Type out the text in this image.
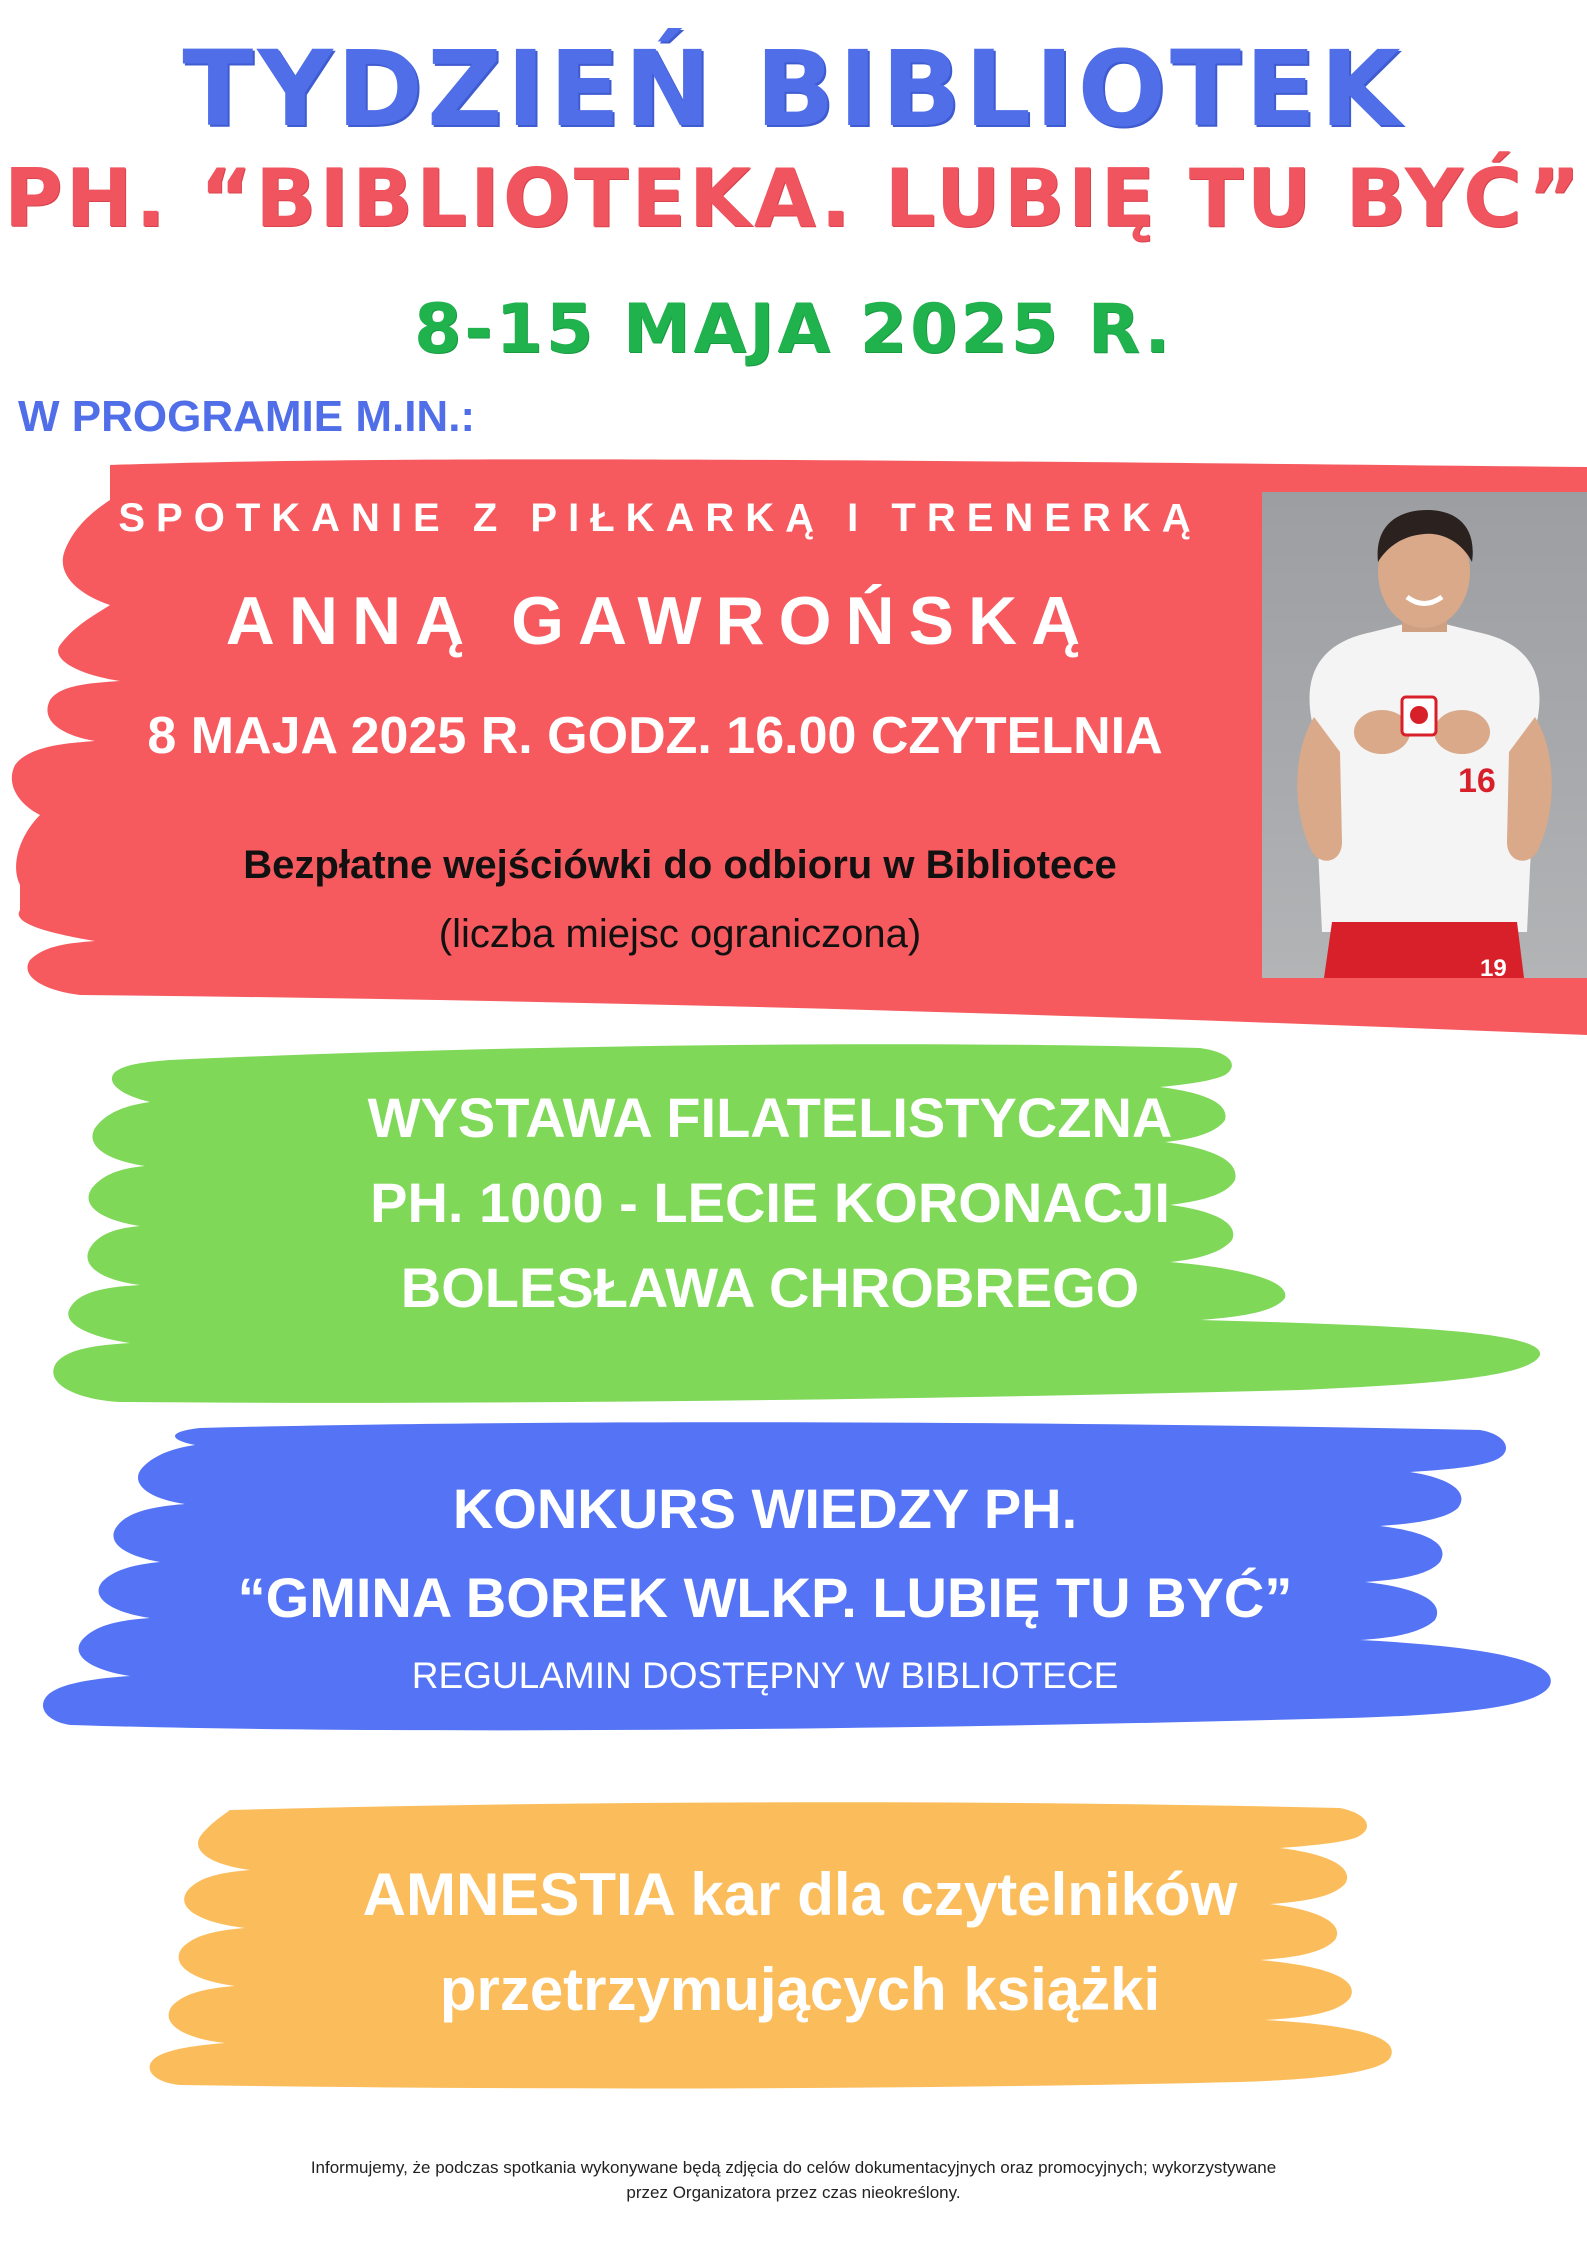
TYDZIEŃ BIBLIOTEK
PH. “BIBLIOTEKA. LUBIĘ TU BYĆ”
8-15 MAJA 2025 R.
W PROGRAMIE M.IN.:
SPOTKANIE Z PIŁKARKĄ I TRENERKĄ
ANNĄ GAWROŃSKĄ
8 MAJA 2025 R. GODZ. 16.00 CZYTELNIA
Bezpłatne wejściówki do odbioru w Bibliotece
(liczba miejsc ograniczona)
16
19
WYSTAWA FILATELISTYCZNA
PH. 1000 - LECIE KORONACJI
BOLESŁAWA CHROBREGO
KONKURS WIEDZY PH.
“GMINA BOREK WLKP. LUBIĘ TU BYĆ”
REGULAMIN DOSTĘPNY W BIBLIOTECE
AMNESTIA kar dla czytelników
przetrzymujących książki
Informujemy, że podczas spotkania wykonywane będą zdjęcia do celów dokumentacyjnych oraz promocyjnych; wykorzystywane
przez Organizatora przez czas nieokreślony.
